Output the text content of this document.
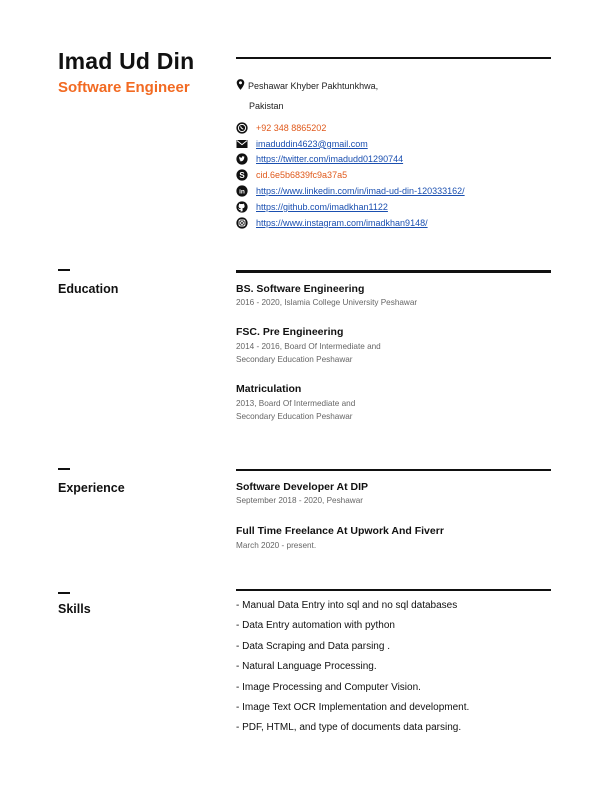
Imad Ud Din
Software Engineer	Peshawar Khyber Pakhtunkhwa,
Pakistan
+92 348 8865202
imaduddin4623@gmail.com
https://twitter.com/imadudd01290744
S cid.6e5b6839fc9a37a5
in https://www.linkedin.com/in/imad-ud-din-120333162/
https://github.com/imadkhan1122
https://www.instagram.com/imadkhan9148/
Education	BS. Software Engineering
2016 - 2020, Islamia College University Peshawar
FSC. Pre Engineering
2014 - 2016, Board Of Intermediate and
Secondary Education Peshawar
Matriculation
2013, Board Of Intermediate and
Secondary Education Peshawar
Experience	Software Developer At DIP
September 2018 - 2020, Peshawar
Full Time Freelance At Upwork And Fiverr
March 2020 - present.
Skills	- Manual Data Entry into sql and no sql databases
- Data Entry automation with python
- Data Scraping and Data parsing .
- Natural Language Processing.
- Image Processing and Computer Vision.
- Image Text OCR Implementation and development.
- PDF, HTML, and type of documents data parsing.
